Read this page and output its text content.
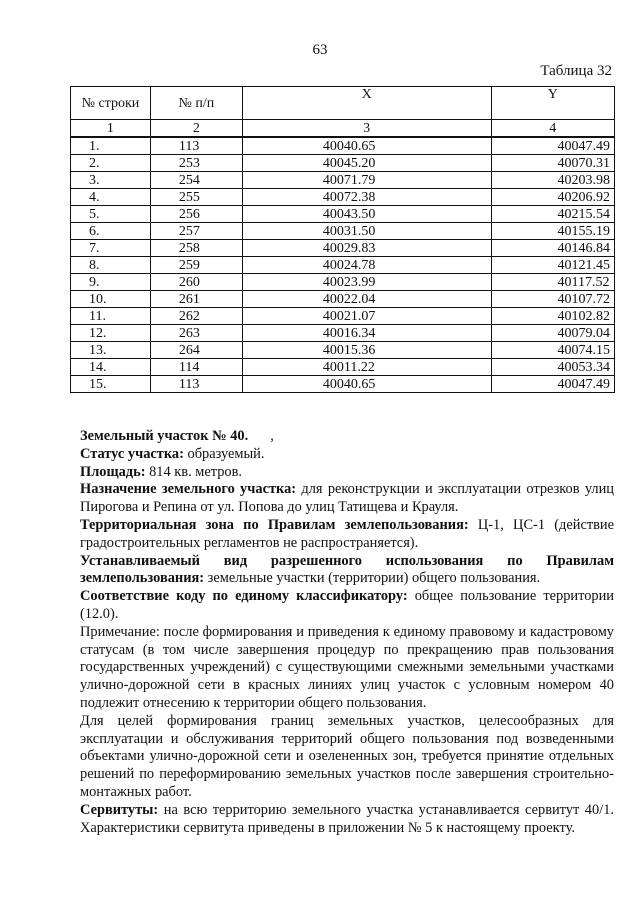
63
Таблица 32
№ строки	№ п/п	X	Y
1	2	3	4
1.	113	40040.65	40047.49
2.	253	40045.20	40070.31
3.	254	40071.79	40203.98
4.	255	40072.38	40206.92
5.	256	40043.50	40215.54
6.	257	40031.50	40155.19
7.	258	40029.83	40146.84
8.	259	40024.78	40121.45
9.	260	40023.99	40117.52
10.	261	40022.04	40107.72
11.	262	40021.07	40102.82
12.	263	40016.34	40079.04
13.	264	40015.36	40074.15
14.	114	40011.22	40053.34
15.	113	40040.65	40047.49

Земельный участок № 40. ,

Статус участка: образуемый.

Площадь: 814 кв. метров.

Назначение земельного участка: для реконструкции и эксплуатации отрезков улиц Пирогова и Репина от ул. Попова до улиц Татищева и Крауля.

Территориальная зона по Правилам землепользования: Ц-1, ЦС-1 (действие градостроительных регламентов не распространяется).

Устанавливаемый вид разрешенного использования по Правилам землепользования: земельные участки (территории) общего пользования.

Соответствие коду по единому классификатору: общее пользование территории (12.0).

Примечание: после формирования и приведения к единому правовому и кадастровому статусам (в том числе завершения процедур по прекращению прав пользования государственных учреждений) с существующими смежными земельными участками улично-дорожной сети в красных линиях улиц участок с условным номером 40 подлежит отнесению к территории общего пользования.

Для целей формирования границ земельных участков, целесообразных для эксплуатации и обслуживания территорий общего пользования под возведенными объектами улично-дорожной сети и озелененных зон, требуется принятие отдельных решений по переформированию земельных участков после завершения строительно-монтажных работ.

Сервитуты: на всю территорию земельного участка устанавливается сервитут 40/1. Характеристики сервитута приведены в приложении № 5 к настоящему проекту.
